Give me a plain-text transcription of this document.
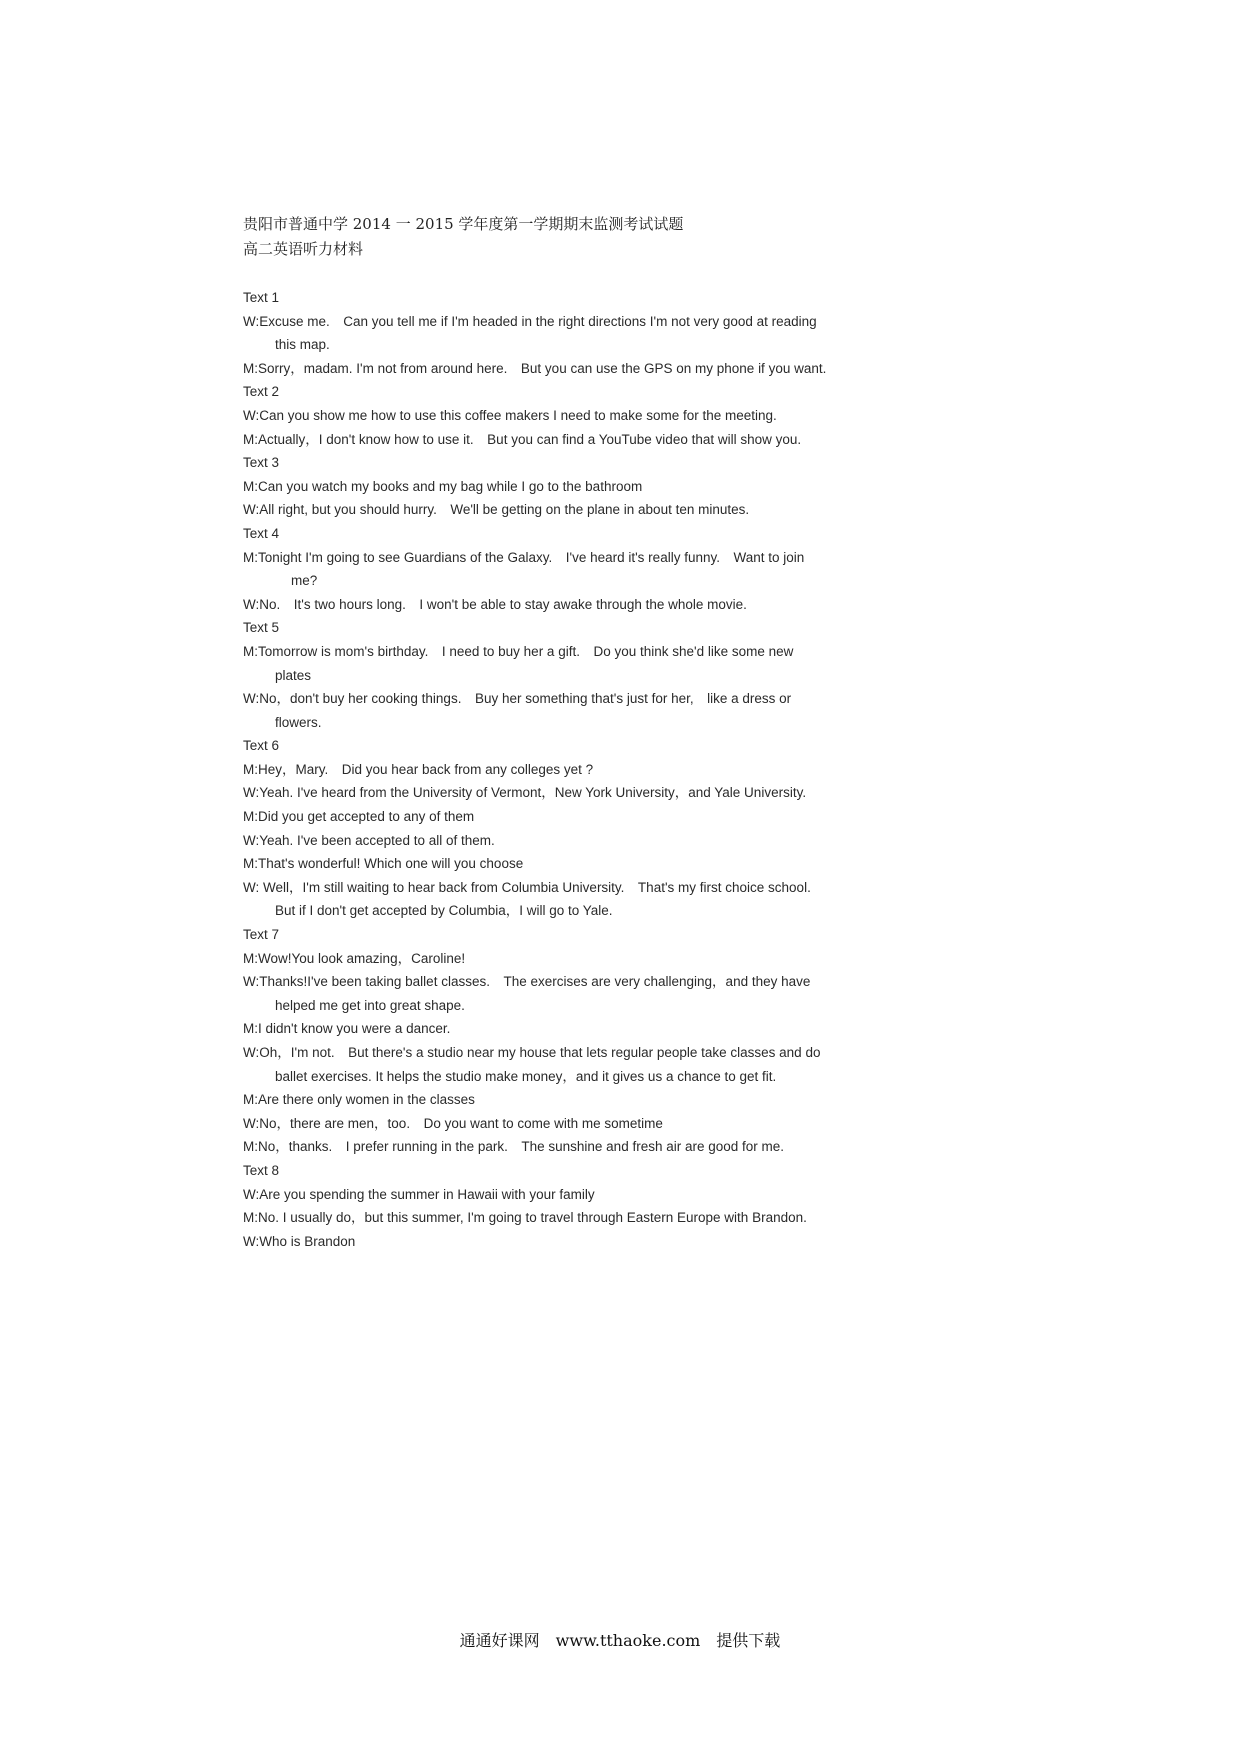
贵阳市普通中学 2014 一 2015 学年度第一学期期末监测考试试题
高二英语听力材料
Text 1
W:Excuse me.　Can you tell me if I'm headed in the right directions I'm not very good at reading
this map.
M:Sorry，madam. I'm not from around here.　But you can use the GPS on my phone if you want.
Text 2
W:Can you show me how to use this coffee makers I need to make some for the meeting.
M:Actually，I don't know how to use it.　But you can find a YouTube video that will show you.
Text 3
M:Can you watch my books and my bag while I go to the bathroom
W:All right, but you should hurry.　We'll be getting on the plane in about ten minutes.
Text 4
M:Tonight I'm going to see Guardians of the Galaxy.　I've heard it's really funny.　Want to join
me?
W:No.　It's two hours long.　I won't be able to stay awake through the whole movie.
Text 5
M:Tomorrow is mom's birthday.　I need to buy her a gift.　Do you think she'd like some new
plates
W:No，don't buy her cooking things.　Buy her something that's just for her,　like a dress or
flowers.
Text 6
M:Hey，Mary.　Did you hear back from any colleges yet ?
W:Yeah. I've heard from the University of Vermont，New York University，and Yale University.
M:Did you get accepted to any of them
W:Yeah. I've been accepted to all of them.
M:That's wonderful! Which one will you choose
W: Well，I'm still waiting to hear back from Columbia University.　That's my first choice school.
But if I don't get accepted by Columbia，I will go to Yale.
Text 7
M:Wow!You look amazing，Caroline!
W:Thanks!I've been taking ballet classes.　The exercises are very challenging，and they have
helped me get into great shape.
M:I didn't know you were a dancer.
W:Oh，I'm not.　But there's a studio near my house that lets regular people take classes and do
ballet exercises. It helps the studio make money，and it gives us a chance to get fit.
M:Are there only women in the classes
W:No，there are men，too.　Do you want to come with me sometime
M:No，thanks.　I prefer running in the park.　The sunshine and fresh air are good for me.
Text 8
W:Are you spending the summer in Hawaii with your family
M:No. I usually do，but this summer, I'm going to travel through Eastern Europe with Brandon.
W:Who is Brandon
通通好课网　www.tthaoke.com　提供下载
